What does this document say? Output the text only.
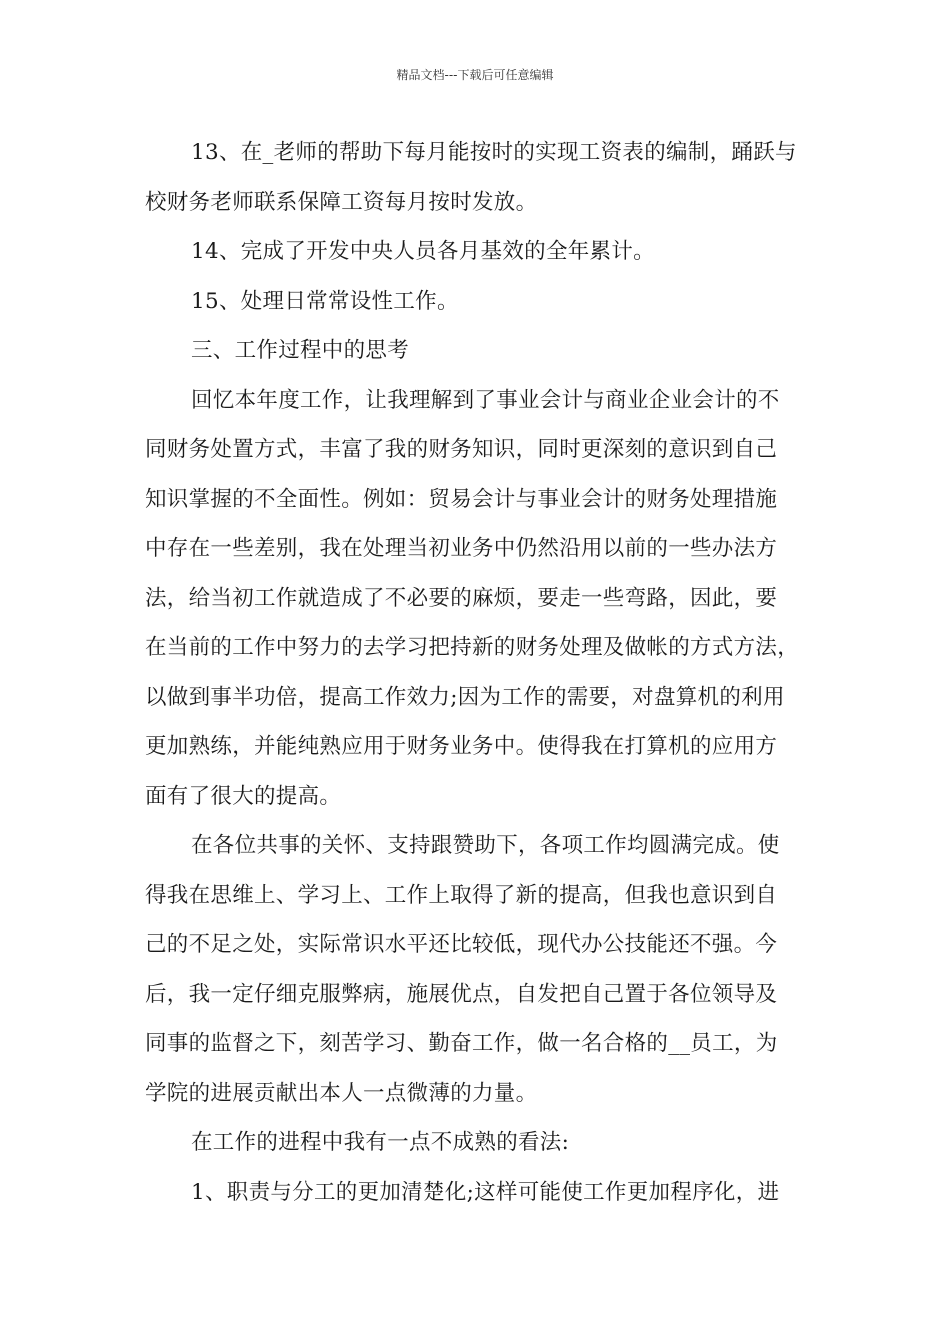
精品文档---下载后可任意编辑
13、在_老师的帮助下每月能按时的实现工资表的编制，踊跃与
校财务老师联系保障工资每月按时发放。
14、完成了开发中央人员各月基效的全年累计。
15、处理日常常设性工作。
三、工作过程中的思考
回忆本年度工作，让我理解到了事业会计与商业企业会计的不
同财务处置方式，丰富了我的财务知识，同时更深刻的意识到自己
知识掌握的不全面性。例如：贸易会计与事业会计的财务处理措施
中存在一些差别，我在处理当初业务中仍然沿用以前的一些办法方
法，给当初工作就造成了不必要的麻烦，要走一些弯路，因此，要
在当前的工作中努力的去学习把持新的财务处理及做帐的方式方法，
以做到事半功倍，提高工作效力;因为工作的需要，对盘算机的利用
更加熟练，并能纯熟应用于财务业务中。使得我在打算机的应用方
面有了很大的提高。
在各位共事的关怀、支持跟赞助下，各项工作均圆满完成。使
得我在思维上、学习上、工作上取得了新的提高，但我也意识到自
己的不足之处，实际常识水平还比较低，现代办公技能还不强。今
后，我一定仔细克服弊病，施展优点，自发把自己置于各位领导及
同事的监督之下，刻苦学习、勤奋工作，做一名合格的__员工，为
学院的进展贡献出本人一点微薄的力量。
在工作的进程中我有一点不成熟的看法:
1、职责与分工的更加清楚化;这样可能使工作更加程序化，进
